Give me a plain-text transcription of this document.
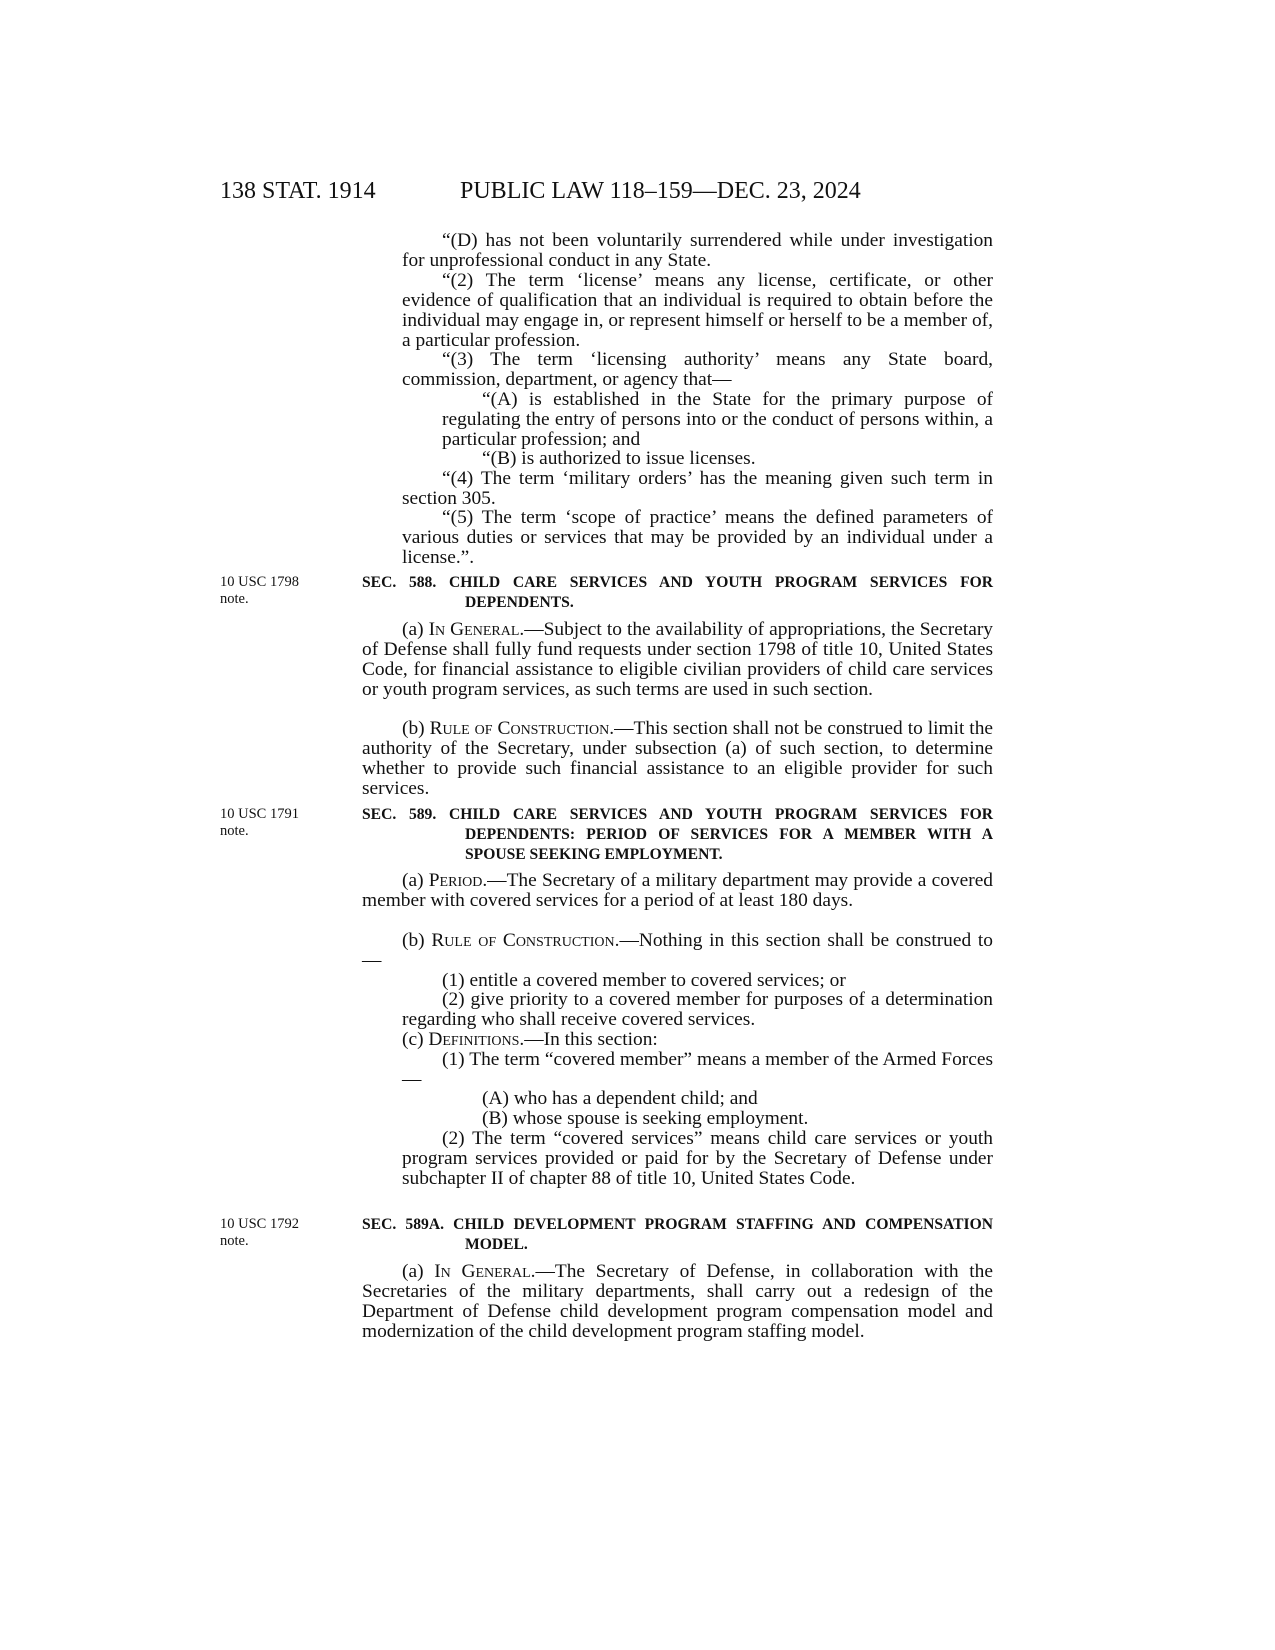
138 STAT. 1914	PUBLIC LAW 118–159—DEC. 23, 2024

“(D) has not been voluntarily surrendered while under investigation for unprofessional conduct in any State.

“(2) The term ‘license’ means any license, certificate, or other evidence of qualification that an individual is required to obtain before the individual may engage in, or represent himself or herself to be a member of, a particular profession.

“(3) The term ‘licensing authority’ means any State board, commission, department, or agency that—

“(A) is established in the State for the primary purpose of regulating the entry of persons into or the conduct of persons within, a particular profession; and

“(B) is authorized to issue licenses.

“(4) The term ‘military orders’ has the meaning given such term in section 305.

“(5) The term ‘scope of practice’ means the defined parameters of various duties or services that may be provided by an individual under a license.”.

10 USC 1798 note.

SEC. 588. CHILD CARE SERVICES AND YOUTH PROGRAM SERVICES FOR DEPENDENTS.

(a) In General.—Subject to the availability of appropriations, the Secretary of Defense shall fully fund requests under section 1798 of title 10, United States Code, for financial assistance to eligible civilian providers of child care services or youth program services, as such terms are used in such section.

(b) Rule of Construction.—This section shall not be construed to limit the authority of the Secretary, under subsection (a) of such section, to determine whether to provide such financial assistance to an eligible provider for such services.

10 USC 1791 note.

SEC. 589. CHILD CARE SERVICES AND YOUTH PROGRAM SERVICES FOR DEPENDENTS: PERIOD OF SERVICES FOR A MEMBER WITH A SPOUSE SEEKING EMPLOYMENT.

(a) Period.—The Secretary of a military department may provide a covered member with covered services for a period of at least 180 days.

(b) Rule of Construction.—Nothing in this section shall be construed to—

(1) entitle a covered member to covered services; or

(2) give priority to a covered member for purposes of a determination regarding who shall receive covered services.

(c) Definitions.—In this section:

(1) The term “covered member” means a member of the Armed Forces—

(A) who has a dependent child; and

(B) whose spouse is seeking employment.

(2) The term “covered services” means child care services or youth program services provided or paid for by the Secretary of Defense under subchapter II of chapter 88 of title 10, United States Code.

10 USC 1792 note.

SEC. 589A. CHILD DEVELOPMENT PROGRAM STAFFING AND COMPENSATION MODEL.

(a) In General.—The Secretary of Defense, in collaboration with the Secretaries of the military departments, shall carry out a redesign of the Department of Defense child development program compensation model and modernization of the child development program staffing model.
